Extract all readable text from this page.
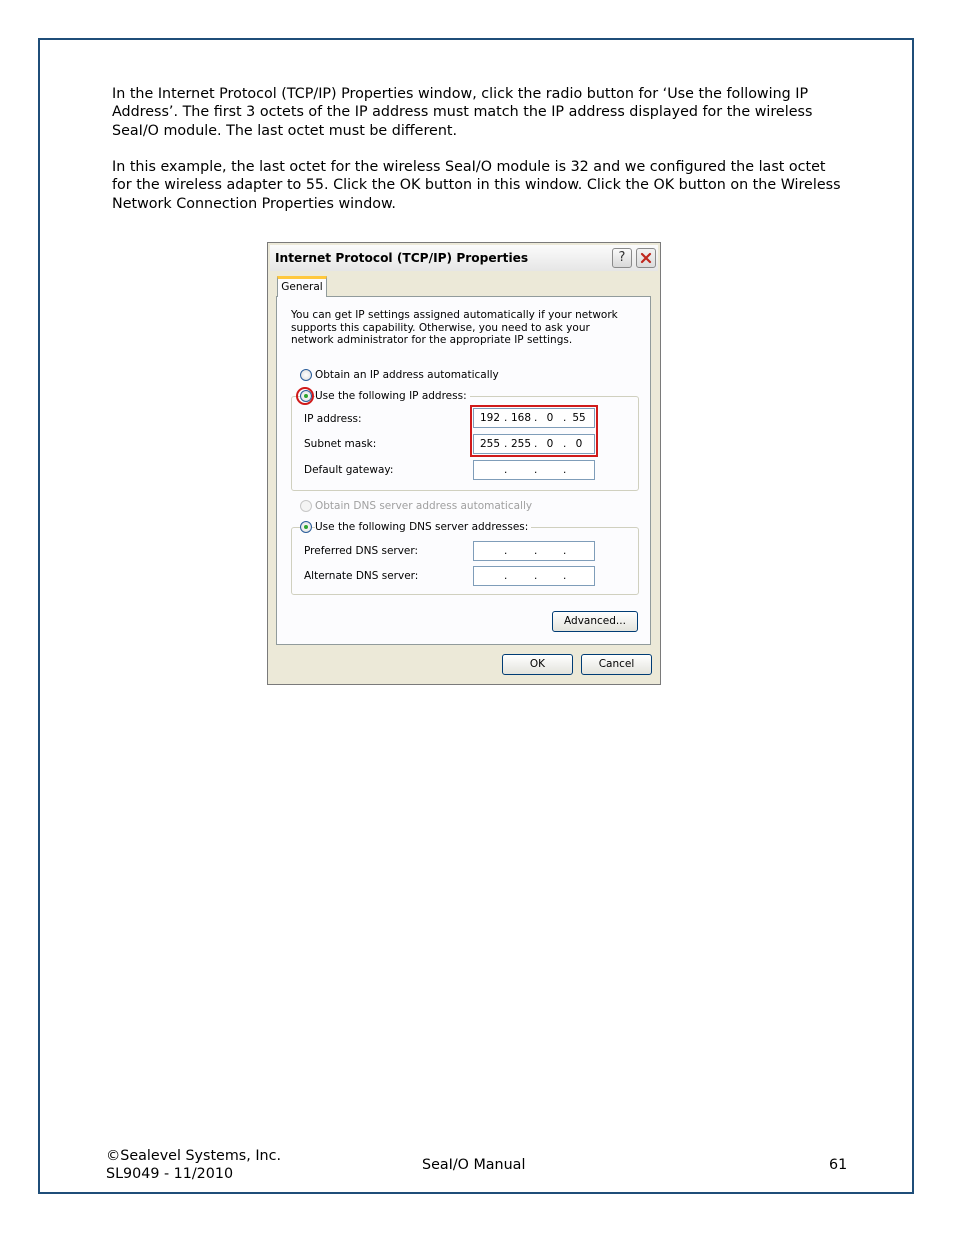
In the Internet Protocol (TCP/IP) Properties window, click the radio button for ‘Use the following IP Address’. The first 3 octets of the IP address must match the IP address displayed for the wireless SeaI/O module. The last octet must be different.

In this example, the last octet for the wireless SeaI/O module is 32 and we configured the last octet for the wireless adapter to 55. Click the OK button in this window. Click the OK button on the Wireless Network Connection Properties window.

Internet Protocol (TCP/IP) Properties	?
General
You can get IP settings assigned automatically if your network supports this capability. Otherwise, you need to ask your network administrator for the appropriate IP settings.
Obtain an IP address automatically
Use the following IP address:
IP address:	192 . 168 . 0 . 55
Subnet mask:	255 . 255 . 0 . 0
Default gateway:	.	. .
Obtain DNS server address automatically
Use the following DNS server addresses:
Preferred DNS server:	.	. .
Alternate DNS server:	.	. .
Advanced...
OK	Cancel
©Sealevel Systems, Inc.
SL9049 - 11/2010
SeaI/O Manual	61
